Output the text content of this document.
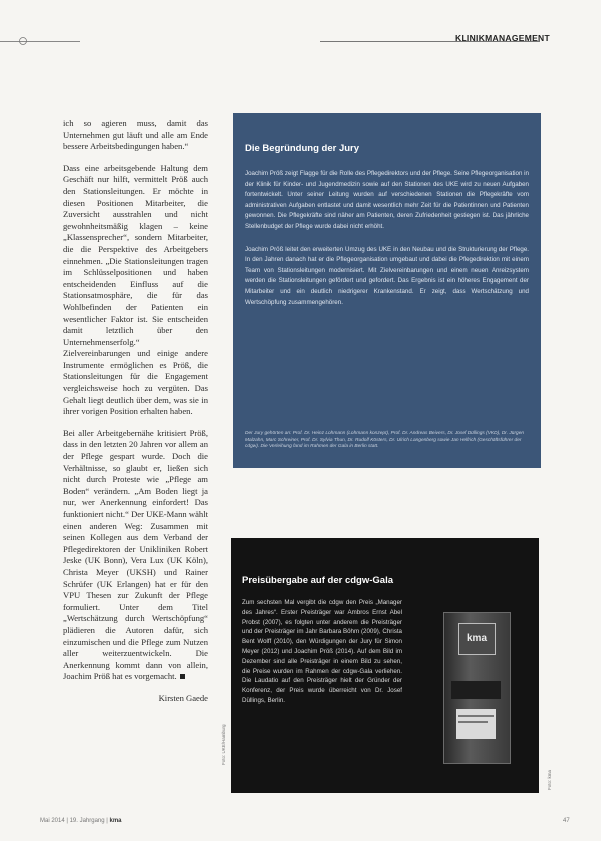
KLINIKMANAGEMENT

ich so agieren muss, damit das Unternehmen gut läuft und alle am Ende bessere Arbeitsbedingungen haben.“

Dass eine arbeitsgebende Haltung dem Geschäft nur hilft, vermittelt Pröß auch den Stationsleitungen. Er möchte in diesen Positionen Mitarbeiter, die Zuversicht ausstrahlen und nicht gewohnheitsmäßig klagen – keine „Klassensprecher“, sondern Mitarbeiter, die die Perspektive des Arbeitgebers einnehmen. „Die Stationsleitungen tragen im Schlüsselpositionen und haben entscheidenden Einfluss auf die Stationsatmosphäre, die für das Wohlbefinden der Patienten ein wesentlicher Faktor ist. Sie entscheiden damit letztlich über den Unternehmenserfolg.“ Zielvereinbarungen und einige andere Instrumente ermöglichen es Pröß, die Stationsleitungen für die Engagement vergleichsweise hoch zu vergüten. Das Gehalt liegt deutlich über dem, was sie in ihrer vorigen Position erhalten haben.

Bei aller Arbeitgebernähe kritisiert Pröß, dass in den letzten 20 Jahren vor allem an der Pflege gespart wurde. Doch die Verhältnisse, so glaubt er, ließen sich nicht durch Proteste wie „Pflege am Boden“ verändern. „Am Boden liegt ja nur, wer Anerkennung einfordert! Das funktioniert nicht.“ Der UKE-Mann wählt einen anderen Weg: Zusammen mit seinen Kollegen aus dem Verband der Pflegedirektoren der Unikliniken Robert Jeske (UK Bonn), Vera Lux (UK Köln), Christa Meyer (UKSH) und Rainer Schrüfer (UK Erlangen) hat er für den VPU Thesen zur Zukunft der Pflege formuliert. Unter dem Titel „Wertschätzung durch Wertschöpfung“ plädieren die Autoren dafür, sich einzumischen und die Pflege zum Nutzen aller weiterzuentwickeln. Die Anerkennung kommt dann von allein, Joachim Pröß hat es vorgemacht.

Kirsten Gaede
Die Begründung der Jury

Joachim Pröß zeigt Flagge für die Rolle des Pflegedirektors und der Pflege. Seine Pflegeorganisation in der Klinik für Kinder- und Jugendmedizin sowie auf den Stationen des UKE wird zu neuen Aufgaben fortentwickelt. Unter seiner Leitung wurden auf verschiedenen Stationen die Pflegekräfte vom administrativen Aufgaben entlastet und damit wesentlich mehr Zeit für die Patientinnen und Patienten gewonnen. Die Pflegekräfte sind näher am Patienten, deren Zufriedenheit gestiegen ist. Das jährliche Stellenbudget der Pflege wurde dabei nicht erhöht.

Joachim Pröß leitet den erweiterten Umzug des UKE in den Neubau und die Strukturierung der Pflege. In den Jahren danach hat er die Pflegeorganisation umgebaut und dabei die Pflegedirektion mit einem Team von Stationsleitungen modernisiert. Mit Zielvereinbarungen und einem neuen Anreizsystem werden die Stationsleitungen gefördert und gefordert. Das Ergebnis ist ein höheres Engagement der Mitarbeiter und ein deutlich niedrigerer Krankenstand. Er zeigt, dass Wertschätzung und Wertschöpfung zusammengehören.

Der Jury gehörten an: Prof. Dr. Heinz Lohmann (Lohmann konzept), Prof. Dr. Andreas Beivers, Dr. Josef Düllings (VKD), Dr. Jürgen Malzahn, Marc Schreiner, Prof. Dr. Sylvia Thun, Dr. Rudolf Kösters, Dr. Ulrich Langenberg sowie Jan Helfrich (Geschäftsführer der cdgw). Die Verleihung fand im Rahmen der Gala in Berlin statt.
Preisübergabe auf der cdgw-Gala
Zum sechsten Mal vergibt die cdgw den Preis „Manager des Jahres“. Erster Preisträger war Ambros Ernst Abel Probst (2007), es folgten unter anderem die Preisträger und der Preisträger im Jahr Barbara Böhm (2009), Christa Bent Wolff (2010), den Würdigungen der Jury für Simon Meyer (2012) und Joachim Pröß (2014). Auf dem Bild im Dezember sind alle Preisträger in einem Bild zu sehen, die Preise wurden im Rahmen der cdgw-Gala verliehen. Die Laudatio auf den Preisträger hielt der Gründer der Konferenz, der Preis wurde überreicht von Dr. Josef Düllings, Berlin.
kma
Foto: UKE/Hamburg
Foto: kma
Mai 2014 | 19. Jahrgang | kma	47
